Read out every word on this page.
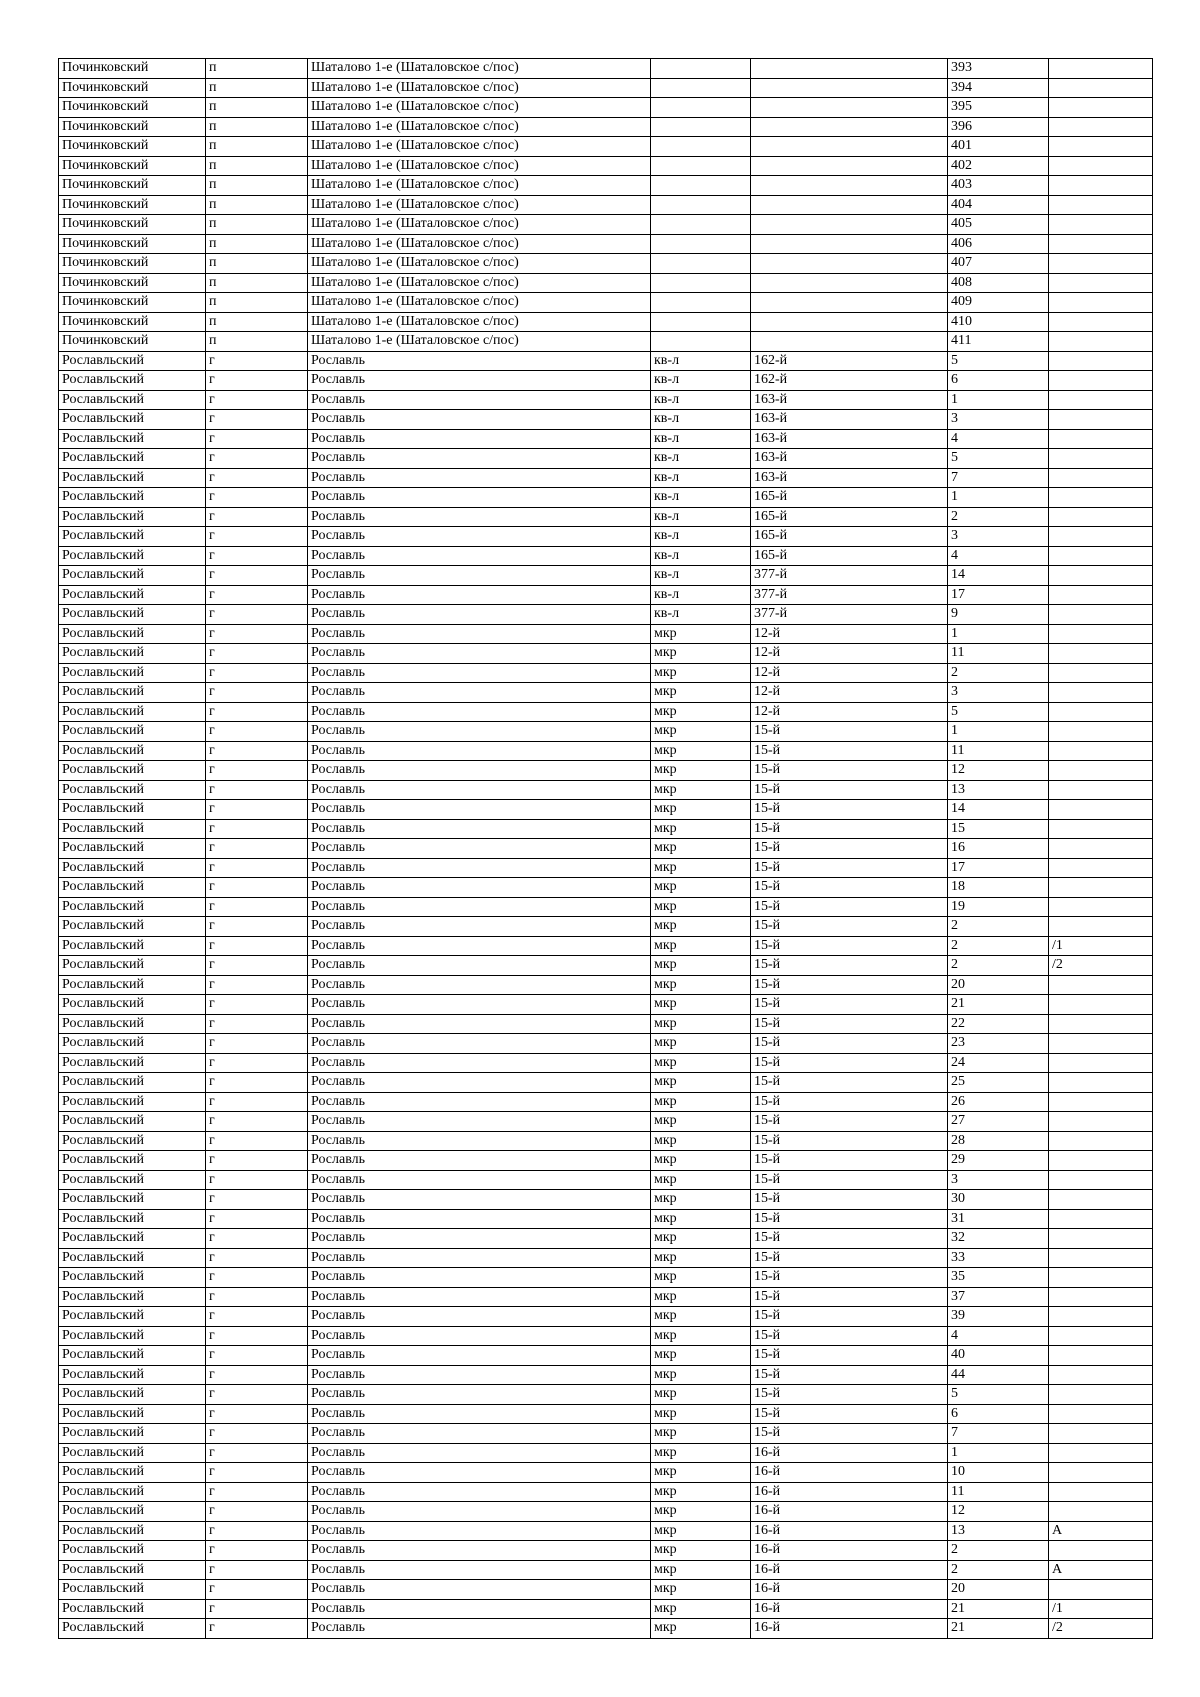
Починковский	п	Шаталово 1-е (Шаталовское с/пос)			393	
Починковский	п	Шаталово 1-е (Шаталовское с/пос)			394	
Починковский	п	Шаталово 1-е (Шаталовское с/пос)			395	
Починковский	п	Шаталово 1-е (Шаталовское с/пос)			396	
Починковский	п	Шаталово 1-е (Шаталовское с/пос)			401	
Починковский	п	Шаталово 1-е (Шаталовское с/пос)			402	
Починковский	п	Шаталово 1-е (Шаталовское с/пос)			403	
Починковский	п	Шаталово 1-е (Шаталовское с/пос)			404	
Починковский	п	Шаталово 1-е (Шаталовское с/пос)			405	
Починковский	п	Шаталово 1-е (Шаталовское с/пос)			406	
Починковский	п	Шаталово 1-е (Шаталовское с/пос)			407	
Починковский	п	Шаталово 1-е (Шаталовское с/пос)			408	
Починковский	п	Шаталово 1-е (Шаталовское с/пос)			409	
Починковский	п	Шаталово 1-е (Шаталовское с/пос)			410	
Починковский	п	Шаталово 1-е (Шаталовское с/пос)			411	
Рославльский	г	Рославль	кв-л	162-й	5	
Рославльский	г	Рославль	кв-л	162-й	6	
Рославльский	г	Рославль	кв-л	163-й	1	
Рославльский	г	Рославль	кв-л	163-й	3	
Рославльский	г	Рославль	кв-л	163-й	4	
Рославльский	г	Рославль	кв-л	163-й	5	
Рославльский	г	Рославль	кв-л	163-й	7	
Рославльский	г	Рославль	кв-л	165-й	1	
Рославльский	г	Рославль	кв-л	165-й	2	
Рославльский	г	Рославль	кв-л	165-й	3	
Рославльский	г	Рославль	кв-л	165-й	4	
Рославльский	г	Рославль	кв-л	377-й	14	
Рославльский	г	Рославль	кв-л	377-й	17	
Рославльский	г	Рославль	кв-л	377-й	9	
Рославльский	г	Рославль	мкр	12-й	1	
Рославльский	г	Рославль	мкр	12-й	11	
Рославльский	г	Рославль	мкр	12-й	2	
Рославльский	г	Рославль	мкр	12-й	3	
Рославльский	г	Рославль	мкр	12-й	5	
Рославльский	г	Рославль	мкр	15-й	1	
Рославльский	г	Рославль	мкр	15-й	11	
Рославльский	г	Рославль	мкр	15-й	12	
Рославльский	г	Рославль	мкр	15-й	13	
Рославльский	г	Рославль	мкр	15-й	14	
Рославльский	г	Рославль	мкр	15-й	15	
Рославльский	г	Рославль	мкр	15-й	16	
Рославльский	г	Рославль	мкр	15-й	17	
Рославльский	г	Рославль	мкр	15-й	18	
Рославльский	г	Рославль	мкр	15-й	19	
Рославльский	г	Рославль	мкр	15-й	2	
Рославльский	г	Рославль	мкр	15-й	2	/1
Рославльский	г	Рославль	мкр	15-й	2	/2
Рославльский	г	Рославль	мкр	15-й	20	
Рославльский	г	Рославль	мкр	15-й	21	
Рославльский	г	Рославль	мкр	15-й	22	
Рославльский	г	Рославль	мкр	15-й	23	
Рославльский	г	Рославль	мкр	15-й	24	
Рославльский	г	Рославль	мкр	15-й	25	
Рославльский	г	Рославль	мкр	15-й	26	
Рославльский	г	Рославль	мкр	15-й	27	
Рославльский	г	Рославль	мкр	15-й	28	
Рославльский	г	Рославль	мкр	15-й	29	
Рославльский	г	Рославль	мкр	15-й	3	
Рославльский	г	Рославль	мкр	15-й	30	
Рославльский	г	Рославль	мкр	15-й	31	
Рославльский	г	Рославль	мкр	15-й	32	
Рославльский	г	Рославль	мкр	15-й	33	
Рославльский	г	Рославль	мкр	15-й	35	
Рославльский	г	Рославль	мкр	15-й	37	
Рославльский	г	Рославль	мкр	15-й	39	
Рославльский	г	Рославль	мкр	15-й	4	
Рославльский	г	Рославль	мкр	15-й	40	
Рославльский	г	Рославль	мкр	15-й	44	
Рославльский	г	Рославль	мкр	15-й	5	
Рославльский	г	Рославль	мкр	15-й	6	
Рославльский	г	Рославль	мкр	15-й	7	
Рославльский	г	Рославль	мкр	16-й	1	
Рославльский	г	Рославль	мкр	16-й	10	
Рославльский	г	Рославль	мкр	16-й	11	
Рославльский	г	Рославль	мкр	16-й	12	
Рославльский	г	Рославль	мкр	16-й	13	А
Рославльский	г	Рославль	мкр	16-й	2	
Рославльский	г	Рославль	мкр	16-й	2	А
Рославльский	г	Рославль	мкр	16-й	20	
Рославльский	г	Рославль	мкр	16-й	21	/1
Рославльский	г	Рославль	мкр	16-й	21	/2
